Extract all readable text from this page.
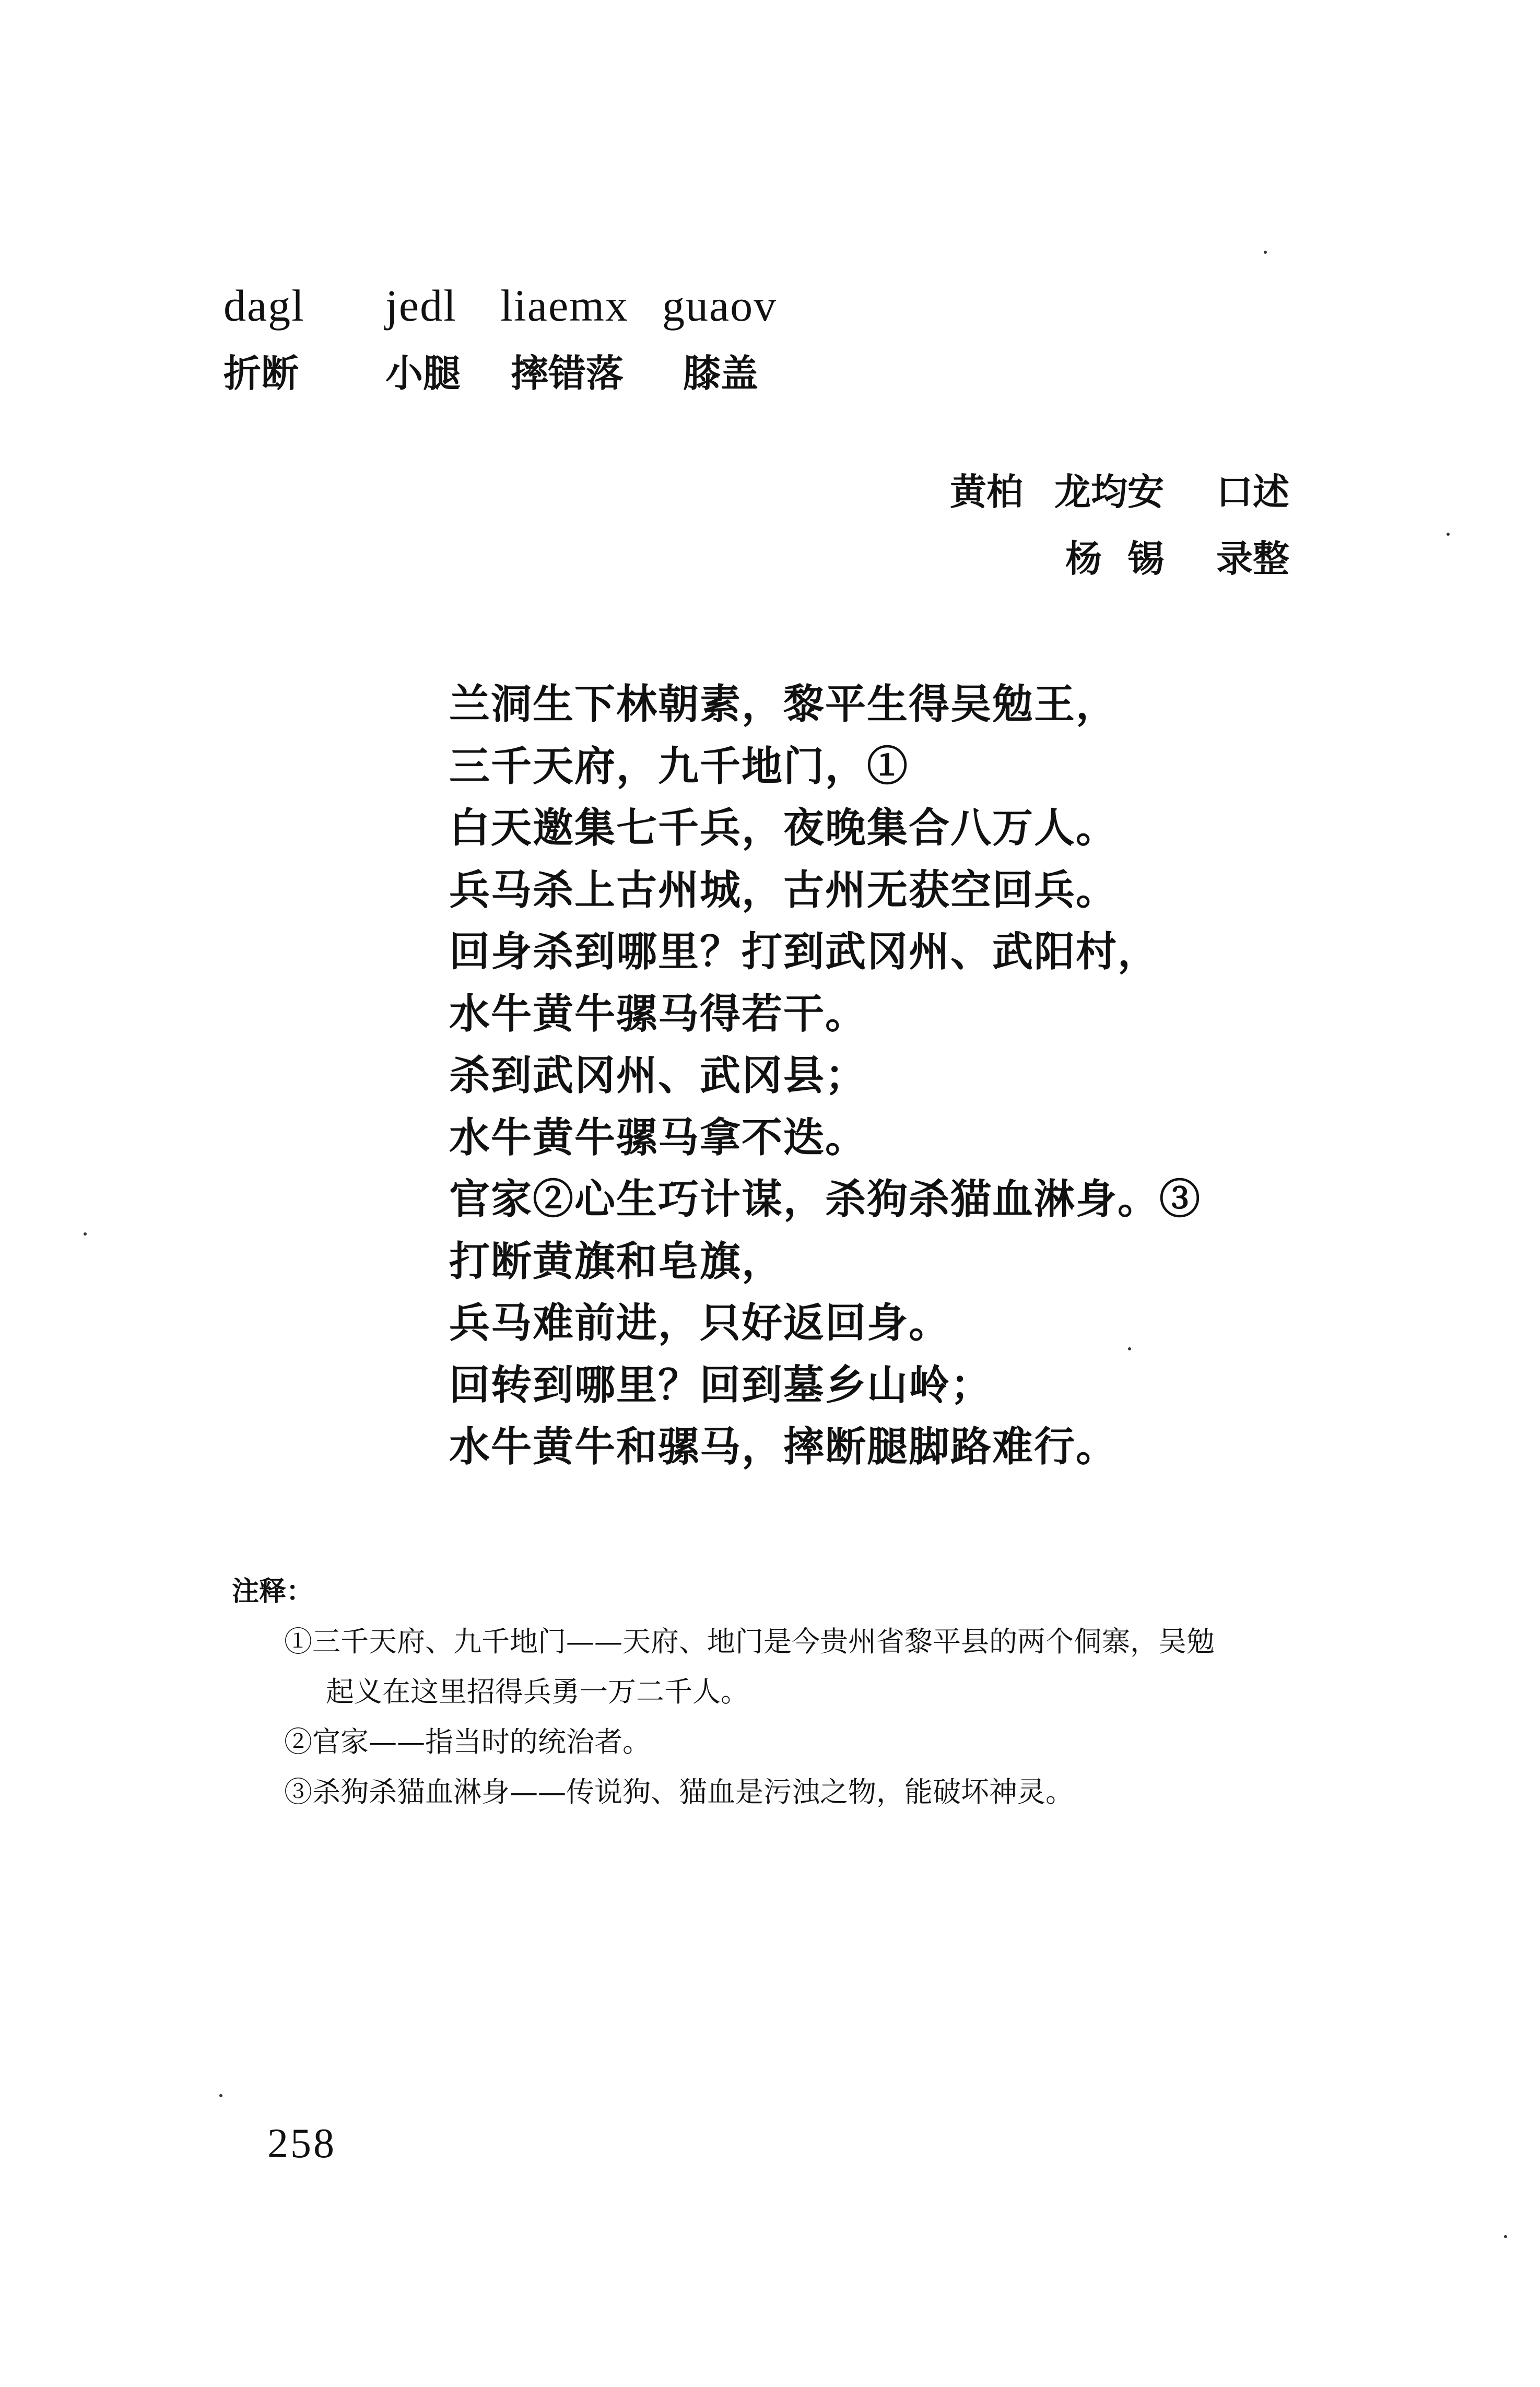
dagl	jedl liaemx guaov
折断	小腿	摔错落	膝盖
黄柏 龙均安 口述
杨  锡 录整
兰洞生下林朝素，黎平生得吴勉王，
三千天府，九千地门，①
白天邀集七千兵，夜晚集合八万人。
兵马杀上古州城，古州无获空回兵。
回身杀到哪里？打到武冈州、武阳村，
水牛黄牛骡马得若干。
杀到武冈州、武冈县；
水牛黄牛骡马拿不迭。
官家②心生巧计谋，杀狗杀猫血淋身。③
打断黄旗和皂旗，
兵马难前进，只好返回身。
回转到哪里？回到墓乡山岭；
水牛黄牛和骡马，摔断腿脚路难行。
注释：
①三千天府、九千地门——天府、地门是今贵州省黎平县的两个侗寨，吴勉
起义在这里招得兵勇一万二千人。
②官家——指当时的统治者。
③杀狗杀猫血淋身——传说狗、猫血是污浊之物，能破坏神灵。
258
